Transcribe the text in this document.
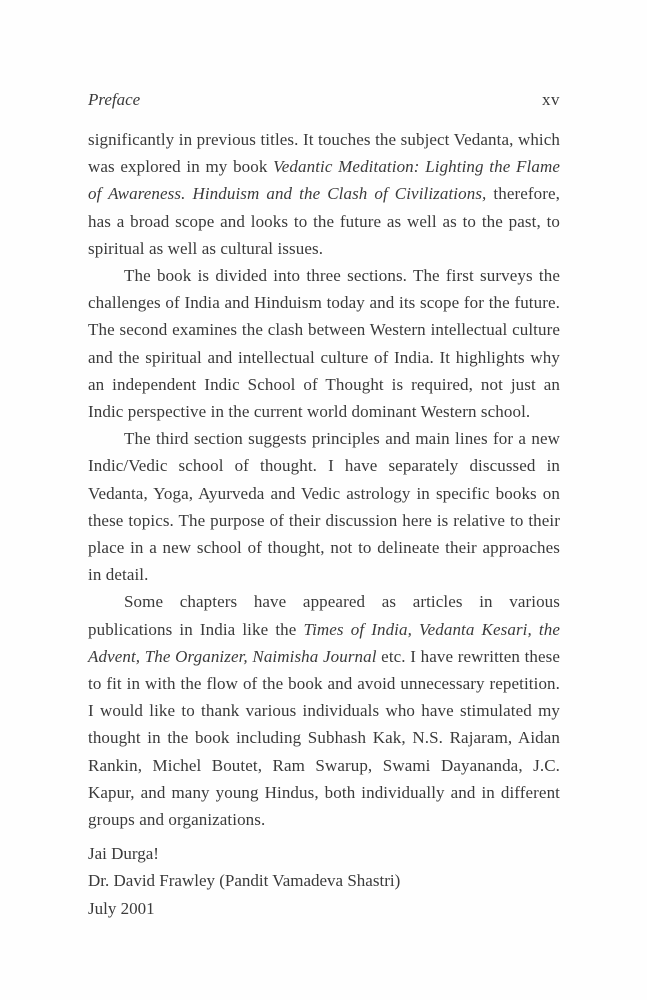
Preface	xv

significantly in previous titles. It touches the subject Vedanta, which was explored in my book Vedantic Meditation: Lighting the Flame of Awareness. Hinduism and the Clash of Civilizations, therefore, has a broad scope and looks to the future as well as to the past, to spiritual as well as cultural issues.

The book is divided into three sections. The first surveys the challenges of India and Hinduism today and its scope for the future. The second examines the clash between Western intellectual culture and the spiritual and intellectual culture of India. It highlights why an independent Indic School of Thought is required, not just an Indic perspective in the current world dominant Western school.

The third section suggests principles and main lines for a new Indic/Vedic school of thought. I have separately discussed in Vedanta, Yoga, Ayurveda and Vedic astrology in specific books on these topics. The purpose of their discussion here is relative to their place in a new school of thought, not to delineate their approaches in detail.

Some chapters have appeared as articles in various publications in India like the Times of India, Vedanta Kesari, the Advent, The Organizer, Naimisha Journal etc. I have rewritten these to fit in with the flow of the book and avoid unnecessary repetition. I would like to thank various individuals who have stimulated my thought in the book including Subhash Kak, N.S. Rajaram, Aidan Rankin, Michel Boutet, Ram Swarup, Swami Dayananda, J.C. Kapur, and many young Hindus, both individually and in different groups and organizations.

Jai Durga!
Dr. David Frawley (Pandit Vamadeva Shastri)
July 2001
